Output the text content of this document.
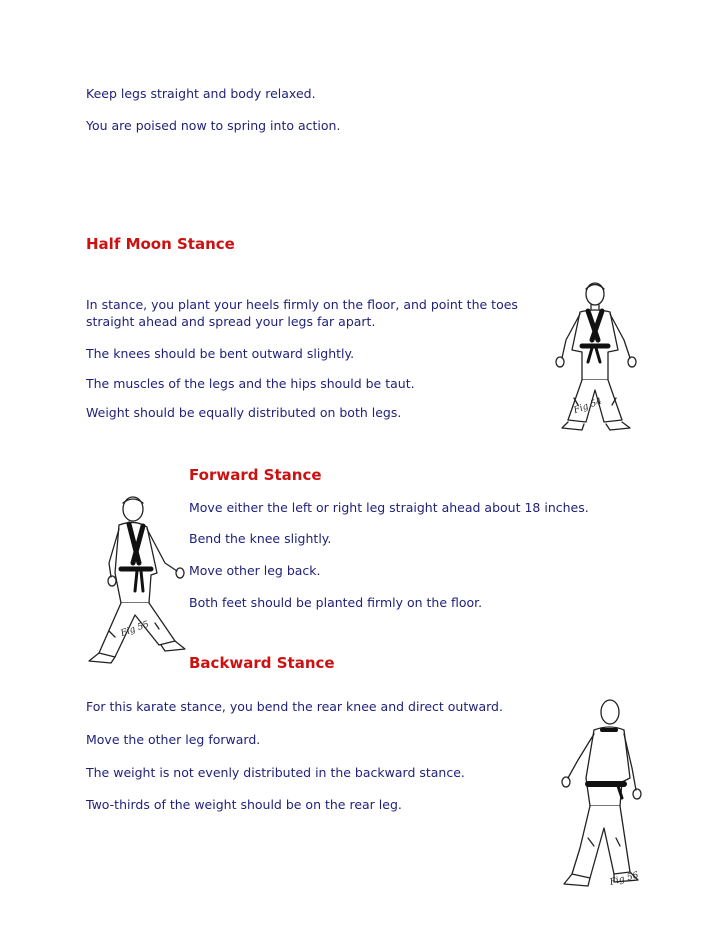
Keep legs straight and body relaxed.

You are poised now to spring into action.

Half Moon Stance

In stance, you plant your heels firmly on the floor, and point the toes

straight ahead and spread your legs far apart.

The knees should be bent outward slightly.

The muscles of the legs and the hips should be taut.

Weight should be equally distributed on both legs.	Fig 54
Forward Stance

Move either the left or right leg straight ahead about 18 inches.

Bend the knee slightly.

Move other leg back.

Both feet should be planted firmly on the floor.

Fig 55
Backward Stance

For this karate stance, you bend the rear knee and direct outward.

Move the other leg forward.

The weight is not evenly distributed in the backward stance.

Two-thirds of the weight should be on the rear leg.

Fig 56
